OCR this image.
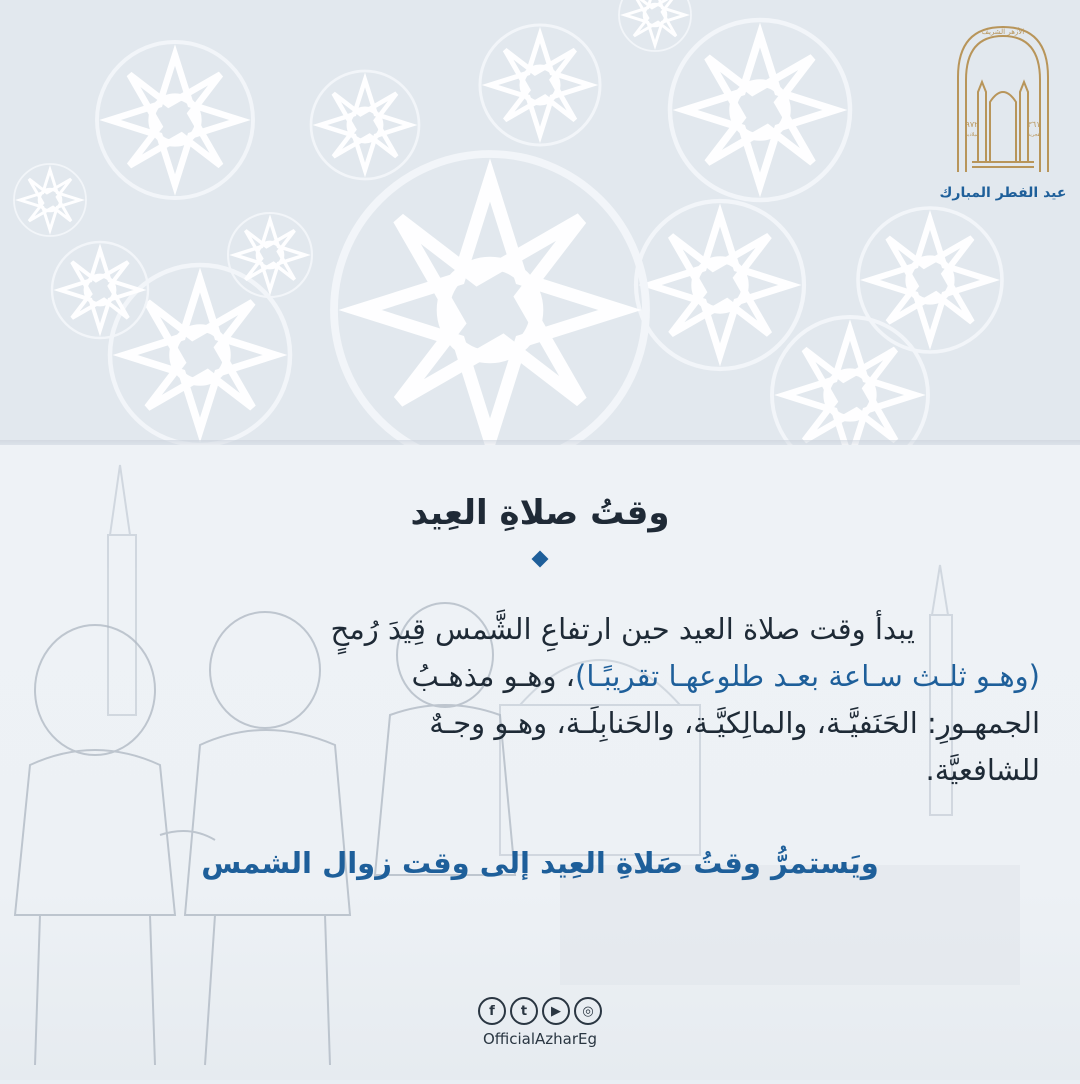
٩٧٢
ميلادية
٣٦١
هجرية
الأزهر الشريف
عيد الفطر المبارك
وقتُ صلاةِ العِيد
يبدأ وقت صلاة العيد حين ارتفاعِ الشَّمس قِيدَ رُمحٍ
(وهـو ثلـث سـاعة بعـد طلوعهـا تقريبًـا)، وهـو مذهـبُ
الجمهـورِ: الحَنَفيَّـة، والمالِكيَّـة، والحَنابِلَـة، وهـو وجـهٌ
للشافعيَّة.
ويَستمرُّ وقتُ صَلاةِ العِيد إلى وقت زوال الشمس
f	t	▶	◎
OfficialAzharEg
